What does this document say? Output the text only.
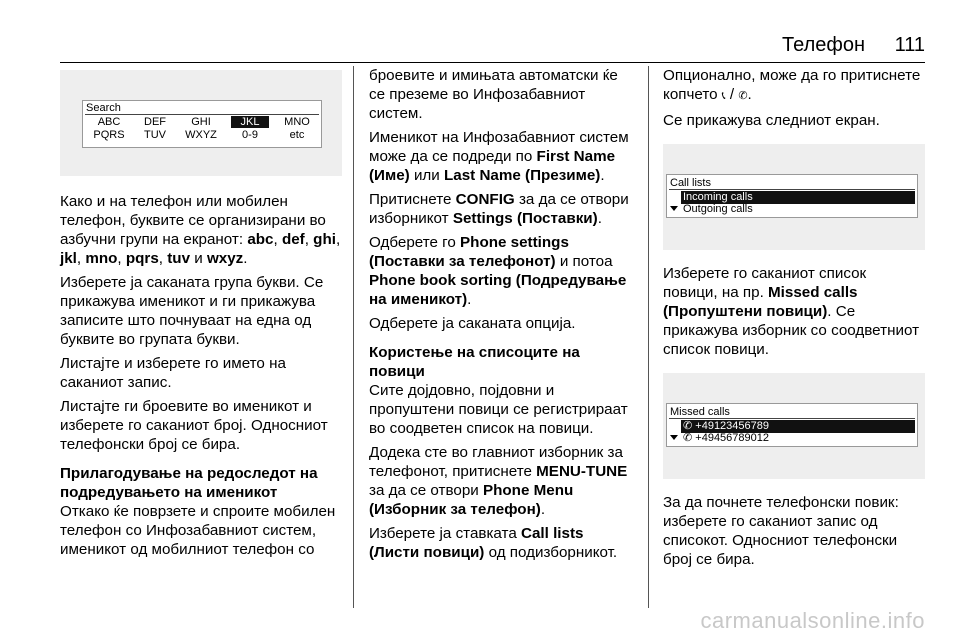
Телефон 111
Search
ABC	DEF	GHI	JKL	MNO
PQRS	TUV	WXYZ	0-9	etc

Како и на телефон или мобилен телефон, буквите се организирани во азбучни групи на екранот: abc, def, ghi, jkl, mno, pqrs, tuv и wxyz.

Изберете ја саканата група букви. Се прикажува именикот и ги прикажува записите што почнуваат на една од буквите во групата букви.

Листајте и изберете го името на саканиот запис.

Листајте ги броевите во именикот и изберете го саканиот број. Односниот телефонски број се бира.

Прилагодување на редоследот на подредувањето на именикот

Откако ќе поврзете и спроите мобилен телефон со Инфозабавниот систем, именикот од мобилниот телефон со

броевите и имињата автоматски ќе се преземе во Инфозабавниот систем.

Именикот на Инфозабавниот систем може да се подреди по First Name (Име) или Last Name (Презиме).

Притиснете CONFIG за да се отвори изборникот Settings (Поставки).

Одберете го Phone settings (Поставки за телефонот) и потоа Phone book sorting (Подредување на именикот).

Одберете ја саканата опција.

Користење на списоците на повици

Сите дојдовно, појдовни и пропуштени повици се регистрираат во соодветен список на повици.

Додека сте во главниот изборник за телефонот, притиснете MENU-TUNE за да се отвори Phone Menu (Изборник за телефон).

Изберете ја ставката Call lists (Листи повици) од подизборникот.

Опционално, може да го притиснете копчето 📞︎ / ✆.

Се прикажува следниот екран.

Call lists
Incoming calls
Outgoing calls

Изберете го саканиот список повици, на пр. Missed calls (Пропуштени повици). Се прикажува изборник со соодветниот список повици.

Missed calls
✆ +49123456789
✆ +49456789012

За да почнете телефонски повик: изберете го саканиот запис од списокот. Односниот телефонски број се бира.

carmanualsonline.info
